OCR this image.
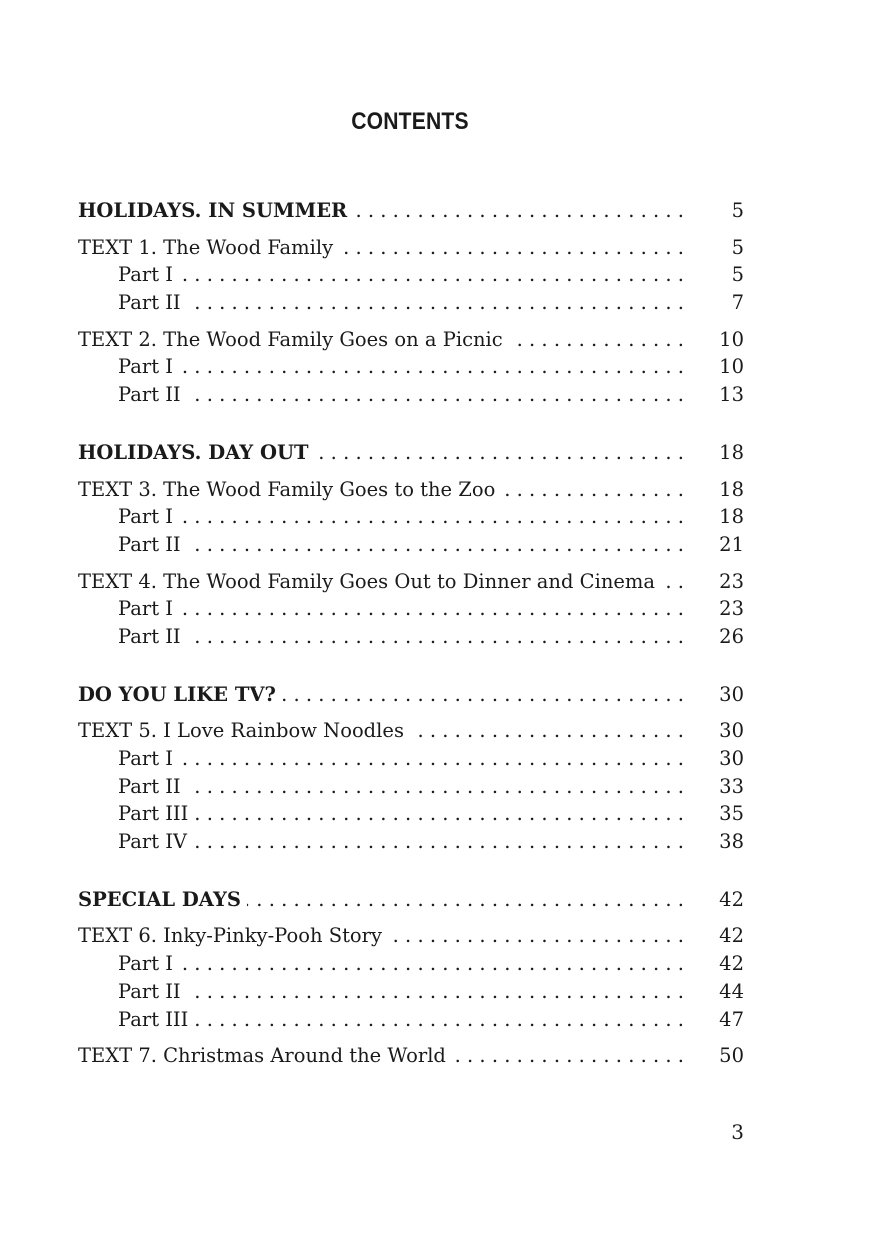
CONTENTS
HOLIDAYS. IN SUMMER . . .	5
TEXT 1. The Wood Family . . .	5
Part I . . .	5
Part II . . .	7
TEXT 2. The Wood Family Goes on a Picnic . . .	10
Part I . . .	10
Part II . . .	13
HOLIDAYS. DAY OUT . . .	18
TEXT 3. The Wood Family Goes to the Zoo . . .	18
Part I . . .	18
Part II . . .	21
TEXT 4. The Wood Family Goes Out to Dinner and Cinema . . .	23
Part I . . .	23
Part II . . .	26
DO YOU LIKE TV? . . .	30
TEXT 5. I Love Rainbow Noodles . . .	30
Part I . . .	30
Part II . . .	33
Part III . . .	35
Part IV . . .	38
SPECIAL DAYS . . .	42
TEXT 6. Inky-Pinky-Pooh Story . . .	42
Part I . . .	42
Part II . . .	44
Part III . . .	47
TEXT 7. Christmas Around the World . . .	50
3
